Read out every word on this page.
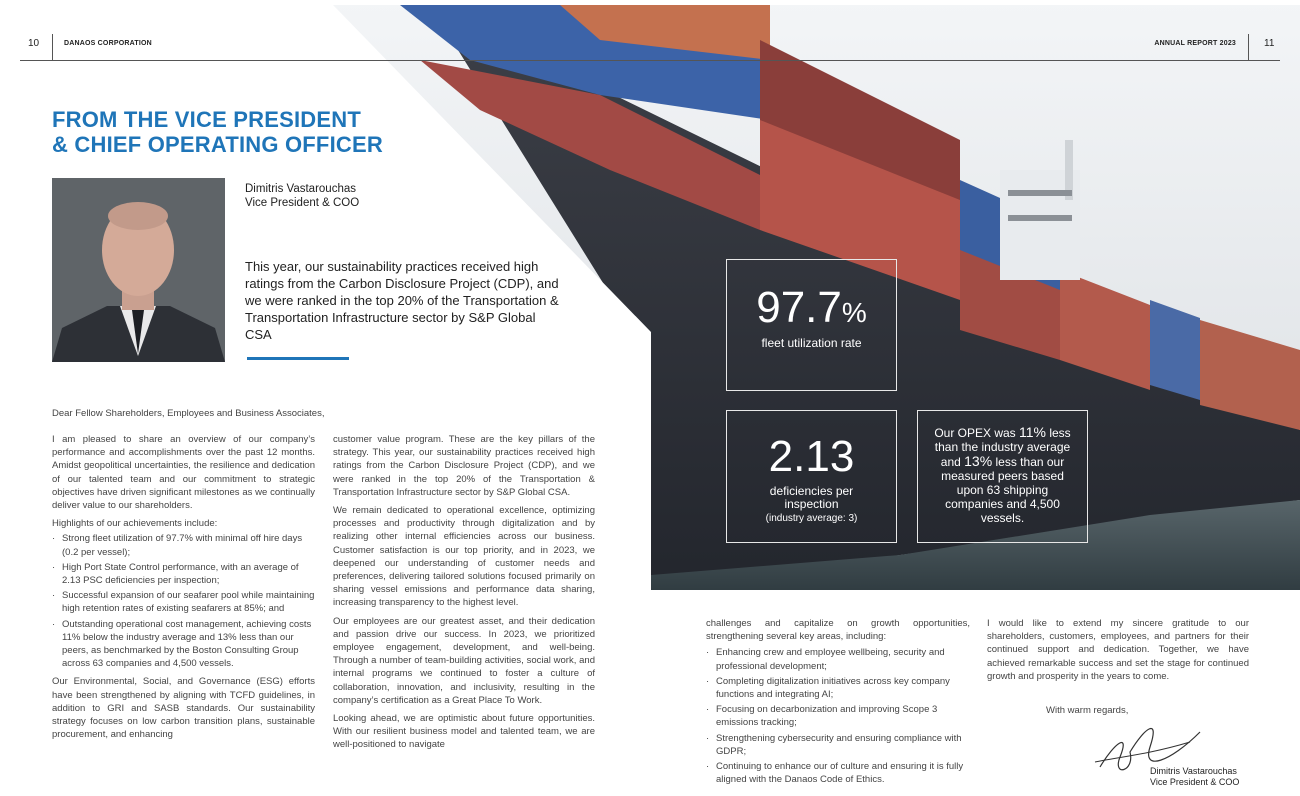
10	DANAOS CORPORATION	ANNUAL REPORT 2023	11
FROM THE VICE PRESIDENT
& CHIEF OPERATING OFFICER
Dimitris Vastarouchas
Vice President & COO
This year, our sustainability practices received high ratings from the Carbon Disclosure Project (CDP), and we were ranked in the top 20% of the Transportation & Transportation Infrastructure sector by S&P Global CSA
Dear Fellow Shareholders, Employees and Business Associates,

I am pleased to share an overview of our company’s performance and accomplishments over the past 12 months. Amidst geopolitical uncertainties, the resilience and dedication of our talented team and our commitment to strategic objectives have driven significant milestones as we continually deliver value to our shareholders.

Highlights of our achievements include:

· Strong fleet utilization of 97.7% with minimal off hire days (0.2 per vessel);
· High Port State Control performance, with an average of 2.13 PSC deficiencies per inspection;
· Successful expansion of our seafarer pool while maintaining high retention rates of existing seafarers at 85%; and
· Outstanding operational cost management, achieving costs 11% below the industry average and 13% less than our peers, as benchmarked by the Boston Consulting Group across 63 companies and 4,500 vessels.

Our Environmental, Social, and Governance (ESG) efforts have been strengthened by aligning with TCFD guidelines, in addition to GRI and SASB standards. Our sustainability strategy focuses on low carbon transition plans, sustainable procurement, and enhancing

customer value program. These are the key pillars of the strategy. This year, our sustainability practices received high ratings from the Carbon Disclosure Project (CDP), and we were ranked in the top 20% of the Transportation & Transportation Infrastructure sector by S&P Global CSA.

We remain dedicated to operational excellence, optimizing processes and productivity through digitalization and by realizing other internal efficiencies across our business. Customer satisfaction is our top priority, and in 2023, we deepened our understanding of customer needs and preferences, delivering tailored solutions focused primarily on sharing vessel emissions and performance data sharing, increasing transparency to the highest level.

Our employees are our greatest asset, and their dedication and passion drive our success. In 2023, we prioritized employee engagement, development, and well-being. Through a number of team-building activities, social work, and internal programs we continued to foster a culture of collaboration, innovation, and inclusivity, resulting in the company’s certification as a Great Place To Work.

Looking ahead, we are optimistic about future opportunities. With our resilient business model and talented team, we are well-positioned to navigate

challenges and capitalize on growth opportunities, strengthening several key areas, including:

· Enhancing crew and employee wellbeing, security and professional development;
· Completing digitalization initiatives across key company functions and integrating AI;
· Focusing on decarbonization and improving Scope 3 emissions tracking;
· Strengthening cybersecurity and ensuring compliance with GDPR;
· Continuing to enhance our of culture and ensuring it is fully aligned with the Danaos Code of Ethics.

I would like to extend my sincere gratitude to our shareholders, customers, employees, and partners for their continued support and dedication. Together, we have achieved remarkable success and set the stage for continued growth and prosperity in the years to come.

With warm regards,
Dimitris Vastarouchas
Vice President & COO
97.7%
fleet utilization rate
2.13
deficiencies per inspection
(industry average: 3)
Our OPEX was 11% less than the industry average and 13% less than our measured peers based upon 63 shipping companies and 4,500 vessels.
